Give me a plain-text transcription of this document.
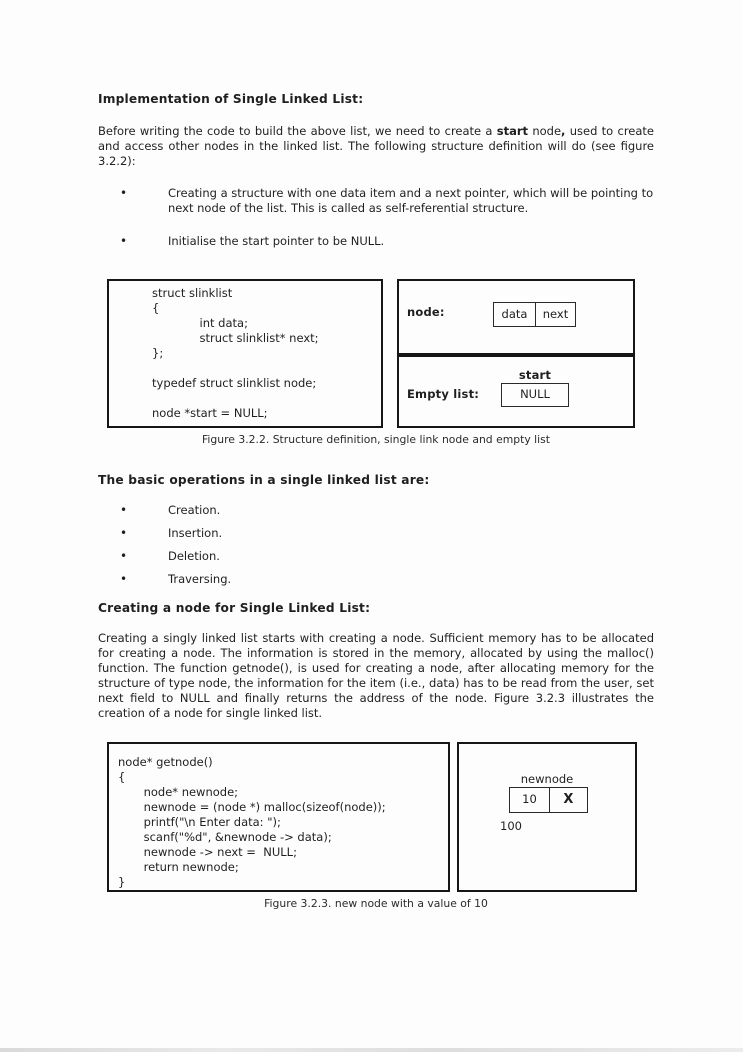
Implementation of Single Linked List:
Before writing the code to build the above list, we need to create a start node, used to create and access other nodes in the linked list. The following structure definition will do (see figure 3.2.2):
•	Creating a structure with one data item and a next pointer, which will be pointing to next node of the list. This is called as self-referential structure.
•	Initialise the start pointer to be NULL.
struct slinklist
{
int data;
struct slinklist* next;
};

typedef struct slinklist node;

node *start = NULL;
node:	data	next
Empty list:
start
NULL
Figure 3.2.2. Structure definition, single link node and empty list
The basic operations in a single linked list are:
•	Creation.
•	Insertion.
•	Deletion.
•	Traversing.
Creating a node for Single Linked List:
Creating a singly linked list starts with creating a node. Sufficient memory has to be allocated for creating a node. The information is stored in the memory, allocated by using the malloc() function. The function getnode(), is used for creating a node, after allocating memory for the structure of type node, the information for the item (i.e., data) has to be read from the user, set next field to NULL and finally returns the address of the node. Figure 3.2.3 illustrates the creation of a node for single linked list.
node* getnode()
{
node* newnode;
newnode = (node *) malloc(sizeof(node));
printf("\n Enter data: ");
scanf("%d", &newnode -> data);
newnode -> next =  NULL;
return newnode;
}
newnode
10	X
100
Figure 3.2.3. new node with a value of 10
